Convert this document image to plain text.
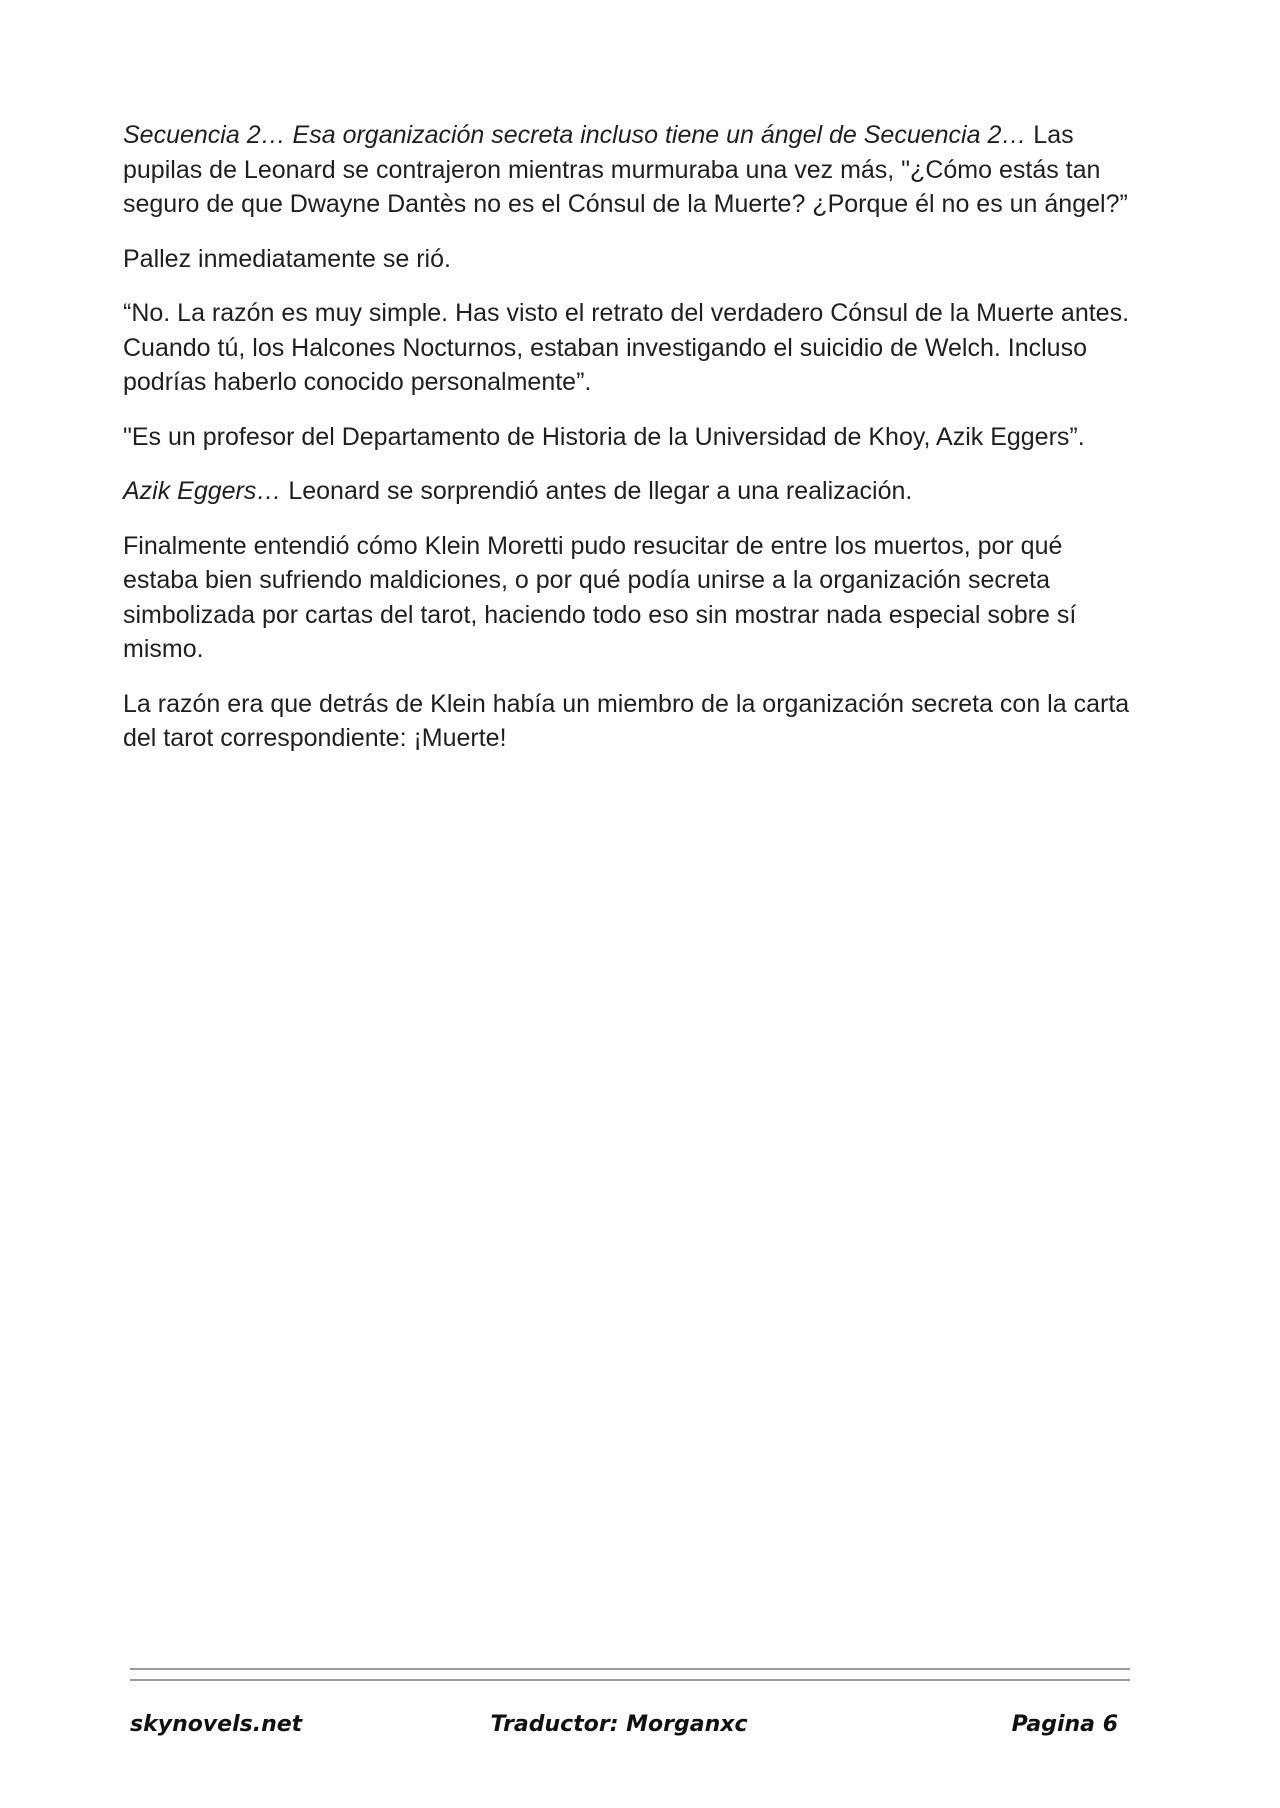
Secuencia 2… Esa organización secreta incluso tiene un ángel de Secuencia 2… Las pupilas de Leonard se contrajeron mientras murmuraba una vez más, "¿Cómo estás tan seguro de que Dwayne Dantès no es el Cónsul de la Muerte? ¿Porque él no es un ángel?”

Pallez inmediatamente se rió.

“No. La razón es muy simple. Has visto el retrato del verdadero Cónsul de la Muerte antes. Cuando tú, los Halcones Nocturnos, estaban investigando el suicidio de Welch. Incluso podrías haberlo conocido personalmente”.

"Es un profesor del Departamento de Historia de la Universidad de Khoy, Azik Eggers”.

Azik Eggers… Leonard se sorprendió antes de llegar a una realización.

Finalmente entendió cómo Klein Moretti pudo resucitar de entre los muertos, por qué estaba bien sufriendo maldiciones, o por qué podía unirse a la organización secreta simbolizada por cartas del tarot, haciendo todo eso sin mostrar nada especial sobre sí mismo.

La razón era que detrás de Klein había un miembro de la organización secreta con la carta del tarot correspondiente: ¡Muerte!

skynovels.net	Traductor: Morganxc	Pagina 6
